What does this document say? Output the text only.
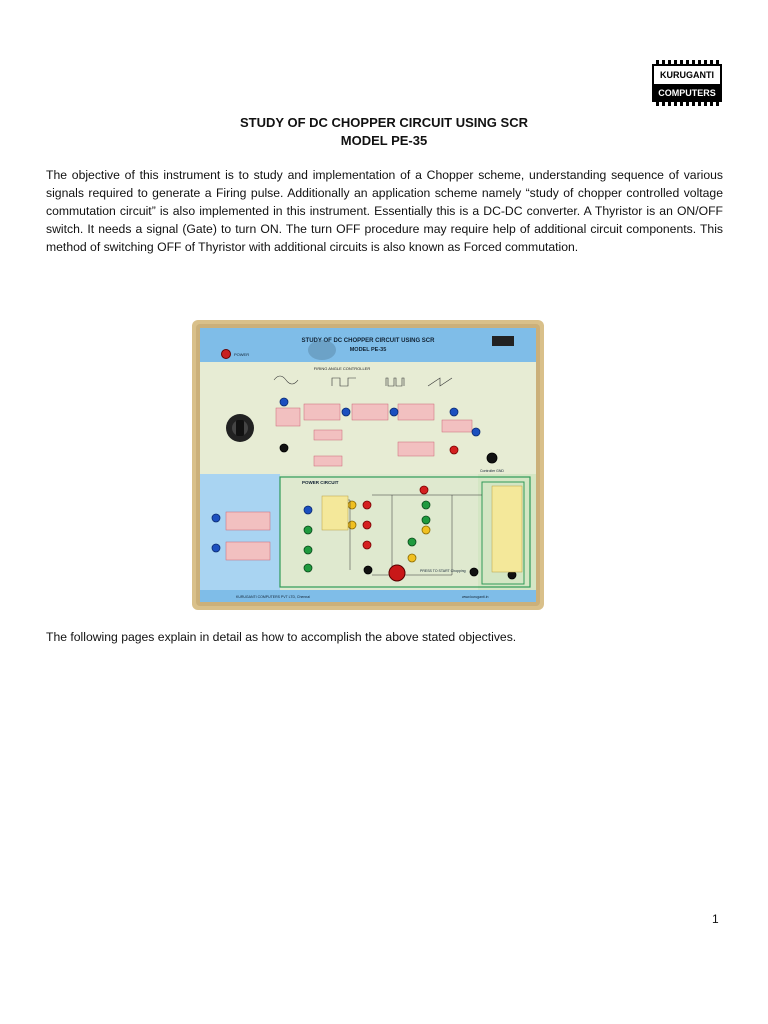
KURUGANTI
COMPUTERS
STUDY OF DC CHOPPER CIRCUIT USING SCR
MODEL PE-35

The objective of this instrument is to study and implementation of a Chopper scheme, understanding sequence of various signals required to generate a Firing pulse. Additionally an application scheme namely “study of chopper controlled voltage commutation circuit” is also implemented in this instrument. Essentially this is a DC-DC converter. A Thyristor is an ON/OFF switch. It needs a signal (Gate) to turn ON. The turn OFF procedure may require help of additional circuit components. This method of switching OFF of Thyristor with additional circuits is also known as Forced commutation.

STUDY OF DC CHOPPER CIRCUIT USING SCR
MODEL PE-35
POWER
FIRING ANGLE CONTROLLER
POWER CIRCUIT
Controller GND
PRESS TO START Chopping
KURUGANTI COMPUTERS PVT LTD, Chennai	www.kuruganti.in
The following pages explain in detail as how to accomplish the above stated objectives.
1
